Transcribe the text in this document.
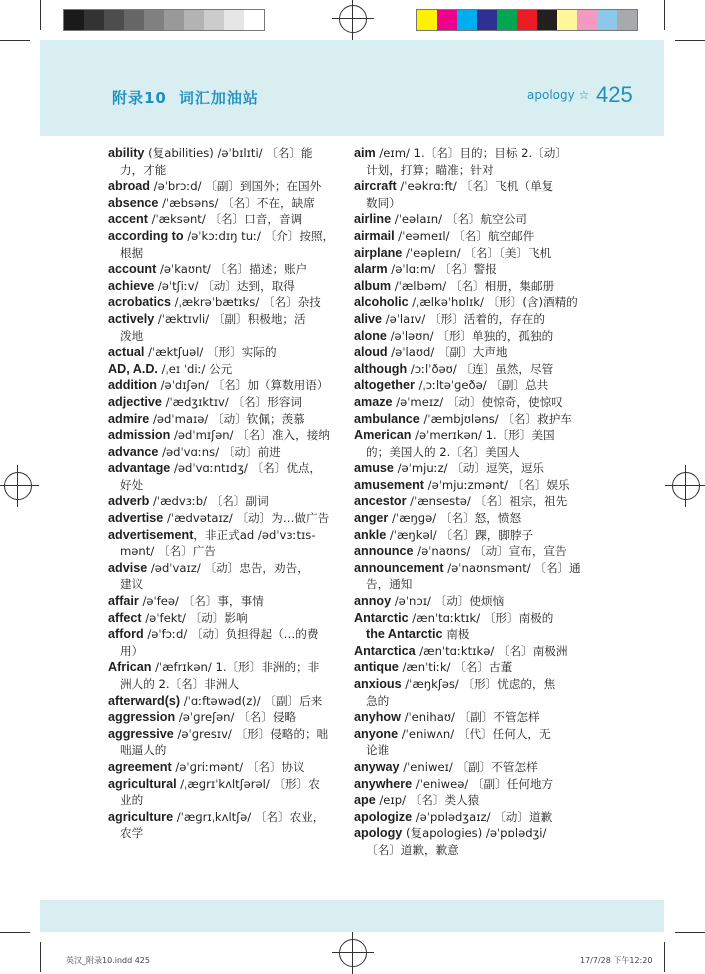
附录10 词汇加油站	apology ☆ 425
ability (复abilities) /əˈbɪlɪti/ 〔名〕能
力，才能
abroad /əˈbrɔːd/ 〔副〕到国外；在国外
absence /ˈæbsəns/ 〔名〕不在，缺席
accent /ˈæksənt/ 〔名〕口音，音调
according to /əˈkɔːdɪŋ tuː/ 〔介〕按照，
根据
account /əˈkaʊnt/ 〔名〕描述；账户
achieve /əˈtʃiːv/ 〔动〕达到，取得
acrobatics /ˌækrəˈbætɪks/ 〔名〕杂技
actively /ˈæktɪvli/ 〔副〕积极地；活
泼地
actual /ˈæktʃuəl/ 〔形〕实际的
AD, A.D. /ˌeɪ ˈdiː/ 公元
addition /əˈdɪʃən/ 〔名〕加（算数用语）
adjective /ˈædʒɪktɪv/ 〔名〕形容词
admire /ədˈmaɪə/ 〔动〕钦佩；羡慕
admission /ədˈmɪʃən/ 〔名〕准入，接纳
advance /ədˈvɑːns/ 〔动〕前进
advantage /ədˈvɑːntɪdʒ/ 〔名〕优点，
好处
adverb /ˈædvɜːb/ 〔名〕副词
advertise /ˈædvətaɪz/ 〔动〕为…做广告
advertisement，非正式ad /ədˈvɜːtɪs-
mənt/ 〔名〕广告
advise /ədˈvaɪz/ 〔动〕忠告，劝告，
建议
affair /əˈfeə/ 〔名〕事，事情
affect /əˈfekt/ 〔动〕影响
afford /əˈfɔːd/ 〔动〕负担得起（…的费
用）
African /ˈæfrɪkən/ 1.〔形〕非洲的；非
洲人的 2.〔名〕非洲人
afterward(s) /ˈɑːftəwəd(z)/ 〔副〕后来
aggression /əˈɡreʃən/ 〔名〕侵略
aggressive /əˈɡresɪv/ 〔形〕侵略的；咄
咄逼人的
agreement /əˈɡriːmənt/ 〔名〕协议
agricultural /ˌæɡrɪˈkʌltʃərəl/ 〔形〕农
业的
agriculture /ˈæɡrɪˌkʌltʃə/ 〔名〕农业，
农学
aim /eɪm/ 1.〔名〕目的；目标 2.〔动〕
计划，打算；瞄准；针对
aircraft /ˈeəkrɑːft/ 〔名〕飞机（单复
数同）
airline /ˈeəlaɪn/ 〔名〕航空公司
airmail /ˈeəmeɪl/ 〔名〕航空邮件
airplane /ˈeəpleɪn/ 〔名〕〔美〕飞机
alarm /əˈlɑːm/ 〔名〕警报
album /ˈælbəm/ 〔名〕相册，集邮册
alcoholic /ˌælkəˈhɒlɪk/ 〔形〕(含)酒精的
alive /əˈlaɪv/ 〔形〕活着的，存在的
alone /əˈləʊn/ 〔形〕单独的，孤独的
aloud /əˈlaʊd/ 〔副〕大声地
although /ɔːlˈðəʊ/ 〔连〕虽然，尽管
altogether /ˌɔːltəˈɡeðə/ 〔副〕总共
amaze /əˈmeɪz/ 〔动〕使惊奇，使惊叹
ambulance /ˈæmbjʊləns/ 〔名〕救护车
American /əˈmerɪkən/ 1.〔形〕美国
的；美国人的 2.〔名〕美国人
amuse /əˈmjuːz/ 〔动〕逗笑，逗乐
amusement /əˈmjuːzmənt/ 〔名〕娱乐
ancestor /ˈænsestə/ 〔名〕祖宗，祖先
anger /ˈæŋɡə/ 〔名〕怒，愤怒
ankle /ˈæŋkəl/ 〔名〕踝，脚脖子
announce /əˈnaʊns/ 〔动〕宣布，宣告
announcement /əˈnaʊnsmənt/ 〔名〕通
告，通知
annoy /əˈnɔɪ/ 〔动〕使烦恼
Antarctic /ænˈtɑːktɪk/ 〔形〕南极的
the Antarctic 南极
Antarctica /ænˈtɑːktɪkə/ 〔名〕南极洲
antique /ænˈtiːk/ 〔名〕古董
anxious /ˈæŋkʃəs/ 〔形〕忧虑的，焦
急的
anyhow /ˈenihaʊ/ 〔副〕不管怎样
anyone /ˈeniwʌn/ 〔代〕任何人，无
论谁
anyway /ˈeniweɪ/ 〔副〕不管怎样
anywhere /ˈeniweə/ 〔副〕任何地方
ape /eɪp/ 〔名〕类人猿
apologize /əˈpɒlədʒaɪz/ 〔动〕道歉
apology (复apologies) /əˈpɒlədʒi/
〔名〕道歉，歉意
英汉_附录10.indd 425	17/7/28 下午12:20
